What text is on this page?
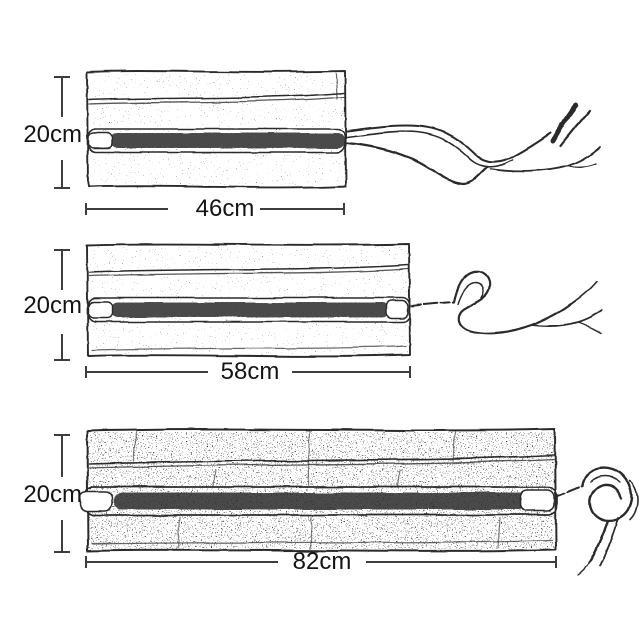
20cm
46cm
20cm
58cm
20cm
82cm
